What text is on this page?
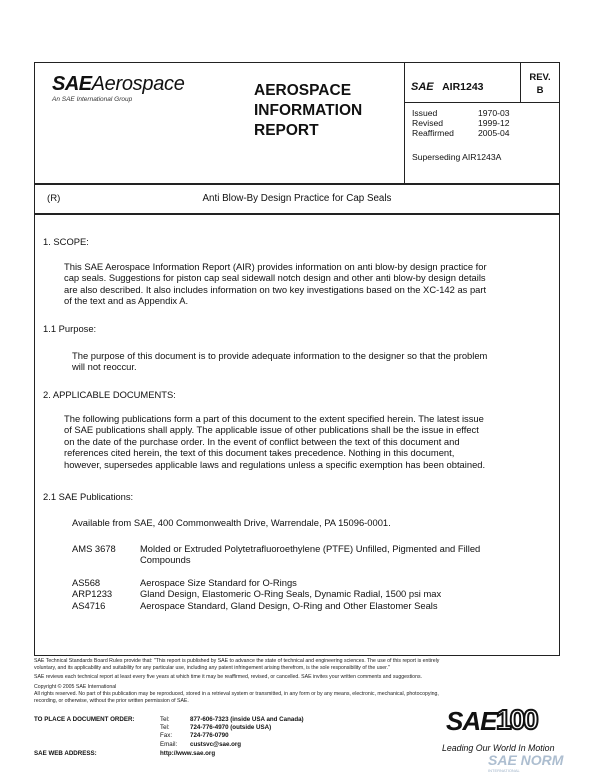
SAEAerospace
An SAE International Group
AEROSPACE
INFORMATION
REPORT
SAE AIR1243
REV.
B
Issued	1970-03
Revised	1999-12
Reaffirmed	2005-04
Superseding AIR1243A
(R)	Anti Blow-By Design Practice for Cap Seals
1. SCOPE:
This SAE Aerospace Information Report (AIR) provides information on anti blow-by design practice for
cap seals. Suggestions for piston cap seal sidewall notch design and other anti blow-by design details
are also described. It also includes information on two key investigations based on the XC-142 as part
of the text and as Appendix A.
1.1 Purpose:
The purpose of this document is to provide adequate information to the designer so that the problem
will not reoccur.
2. APPLICABLE DOCUMENTS:
The following publications form a part of this document to the extent specified herein. The latest issue
of SAE publications shall apply. The applicable issue of other publications shall be the issue in effect
on the date of the purchase order. In the event of conflict between the text of this document and
references cited herein, the text of this document takes precedence. Nothing in this document,
however, supersedes applicable laws and regulations unless a specific exemption has been obtained.
2.1 SAE Publications:
Available from SAE, 400 Commonwealth Drive, Warrendale, PA 15096-0001.
AMS 3678	Molded or Extruded Polytetrafluoroethylene (PTFE) Unfilled, Pigmented and Filled
Compounds
AS568	Aerospace Size Standard for O-Rings
ARP1233	Gland Design, Elastomeric O-Ring Seals, Dynamic Radial, 1500 psi max
AS4716	Aerospace Standard, Gland Design, O-Ring and Other Elastomer Seals
SAE Technical Standards Board Rules provide that: "This report is published by SAE to advance the state of technical and engineering sciences. The use of this report is entirely
voluntary, and its applicability and suitability for any particular use, including any patent infringement arising therefrom, is the sole responsibility of the user."
SAE reviews each technical report at least every five years at which time it may be reaffirmed, revised, or cancelled. SAE invites your written comments and suggestions.
Copyright © 2005 SAE International
All rights reserved. No part of this publication may be reproduced, stored in a retrieval system or transmitted, in any form or by any means, electronic, mechanical, photocopying,
recording, or otherwise, without the prior written permission of SAE.
TO PLACE A DOCUMENT ORDER:	Tel:	877-606-7323 (inside USA and Canada)
Tel:	724-776-4970 (outside USA)
Fax:	724-776-0790
Email: custsvc@sae.org
SAE WEB ADDRESS:	http://www.sae.org
SAE 100
Leading Our World In Motion
SAE NORM
INTERNATIONAL
